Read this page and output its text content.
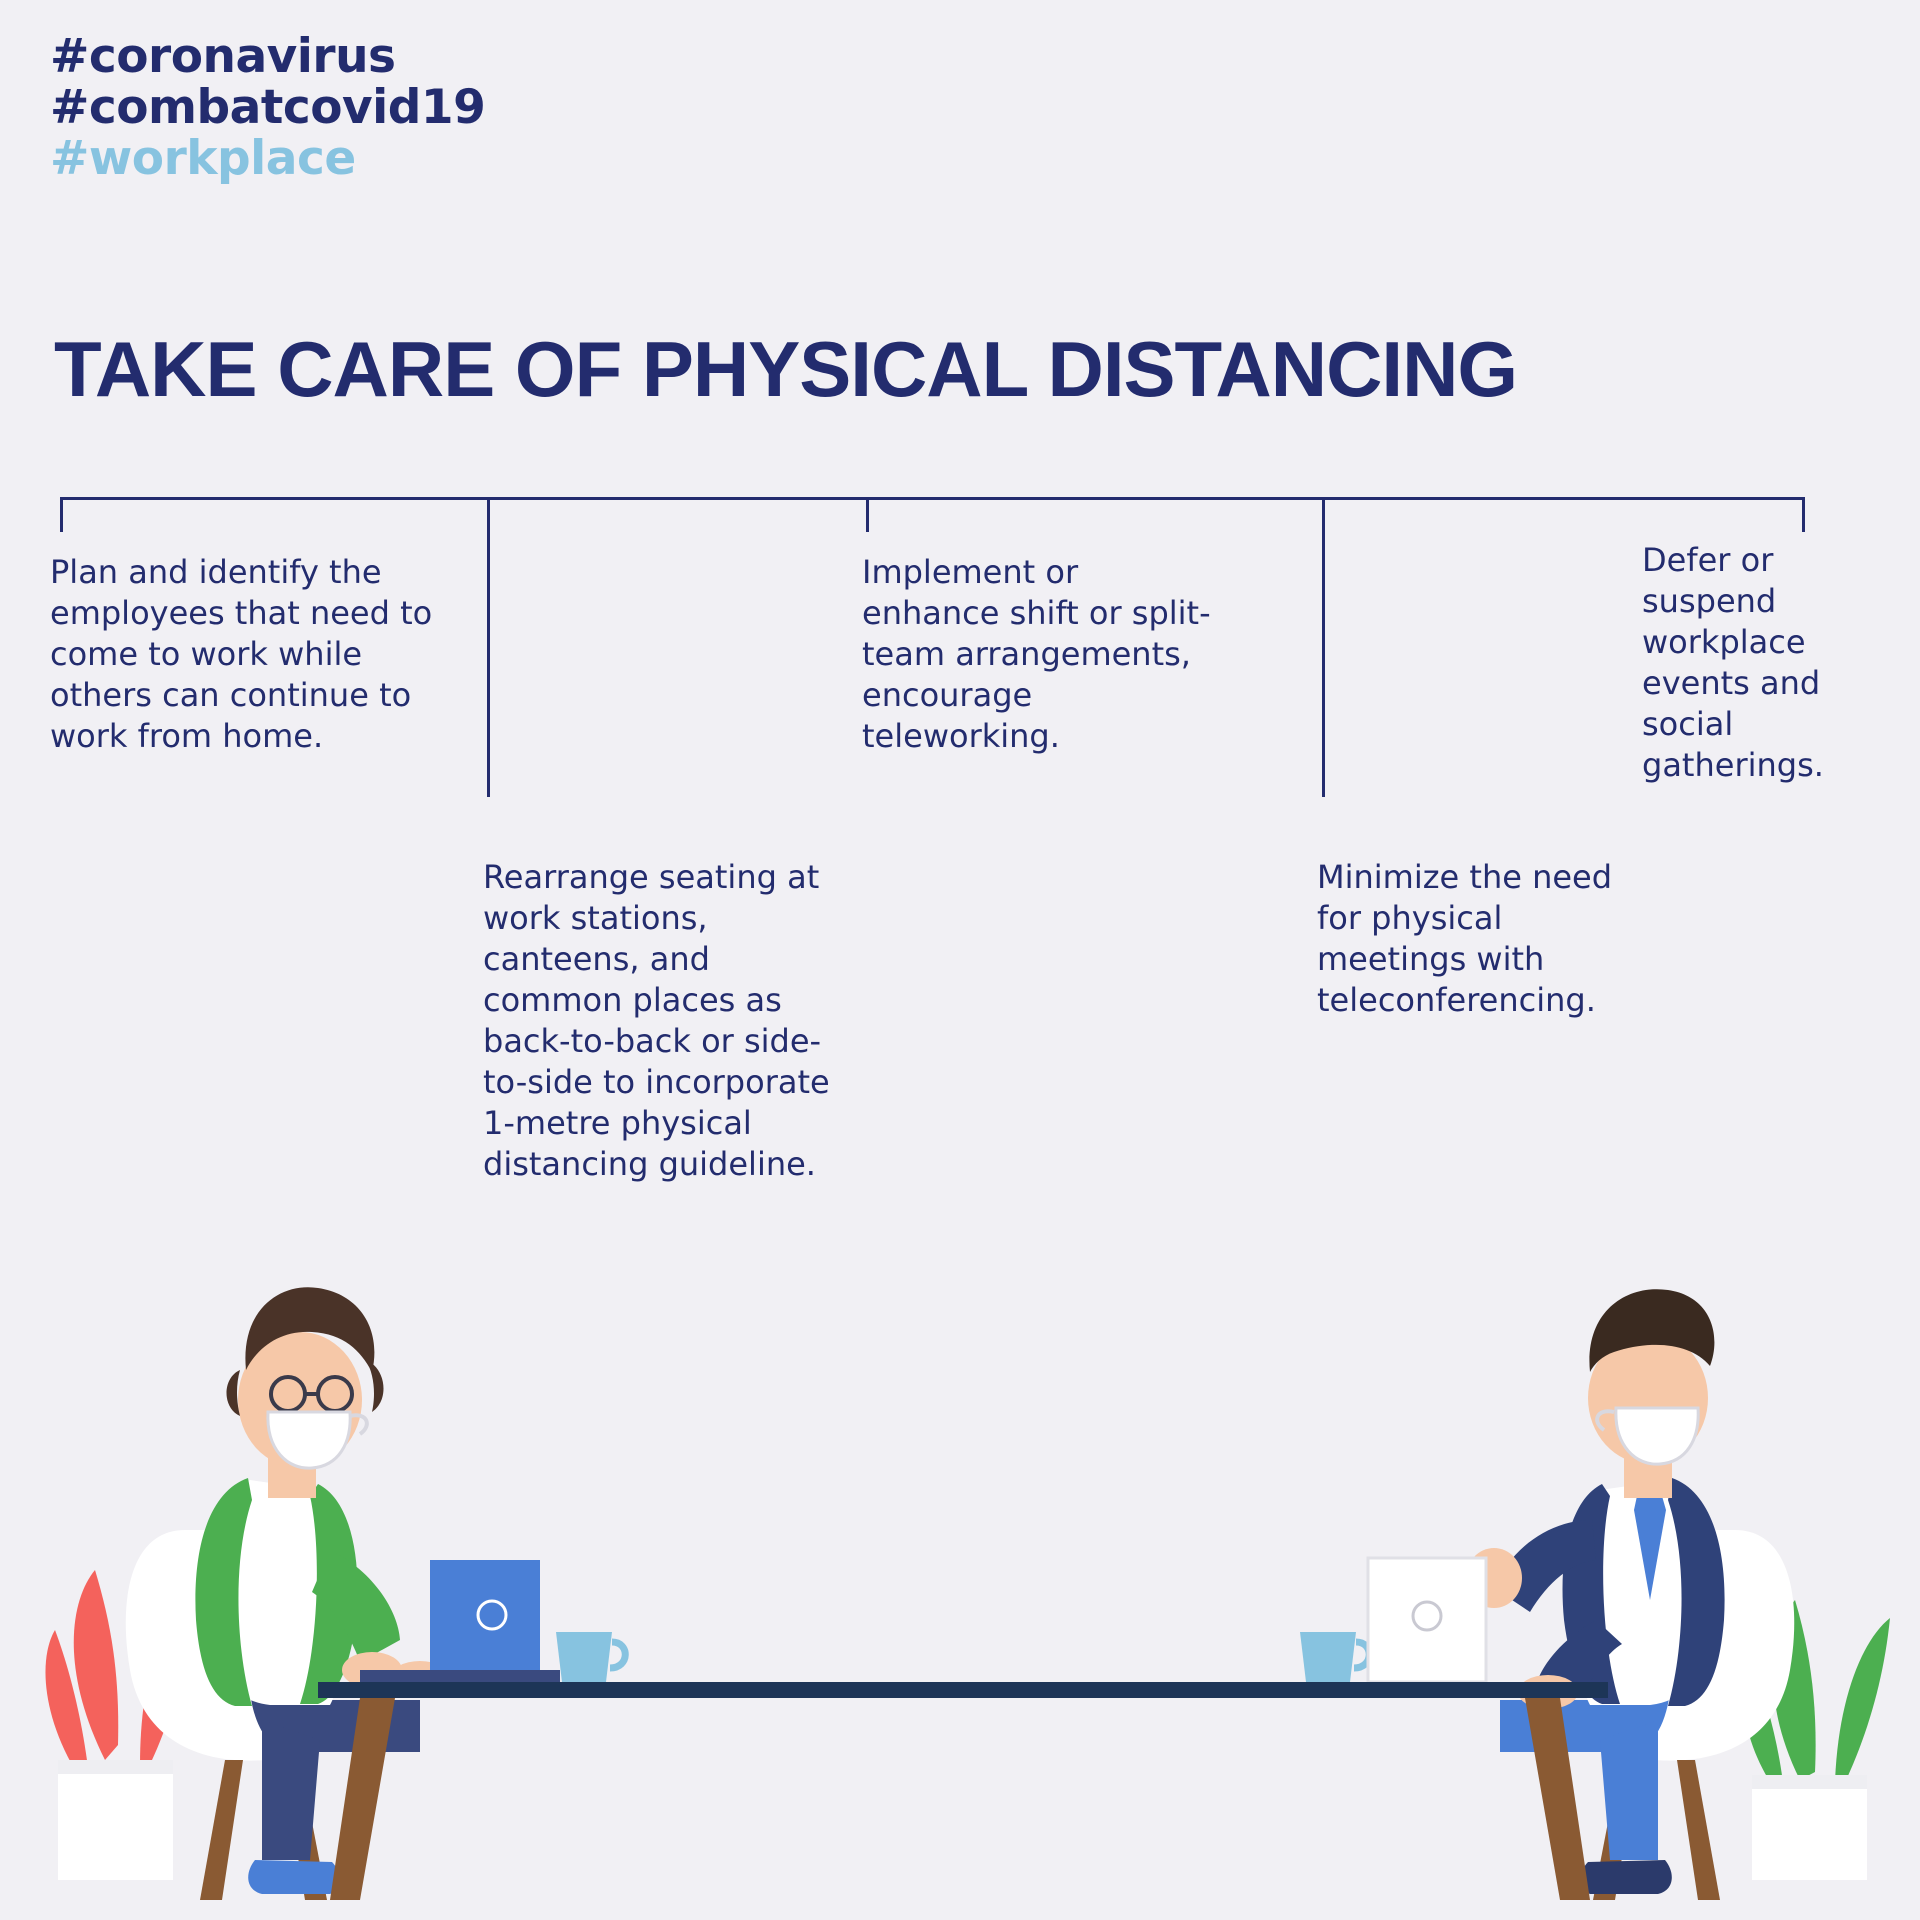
#coronavirus
#combatcovid19
#workplace
TAKE CARE OF PHYSICAL DISTANCING
Plan and identify the employees that need to come to work while others can continue to work from home.
Rearrange seating at work stations, canteens, and common places as back-to-back or side-to-side to incorporate 1-metre physical distancing guideline.
Implement or enhance shift or split-team arrangements, encourage teleworking.
Minimize the need for physical meetings with teleconferencing.
Defer or suspend workplace events and social gatherings.
